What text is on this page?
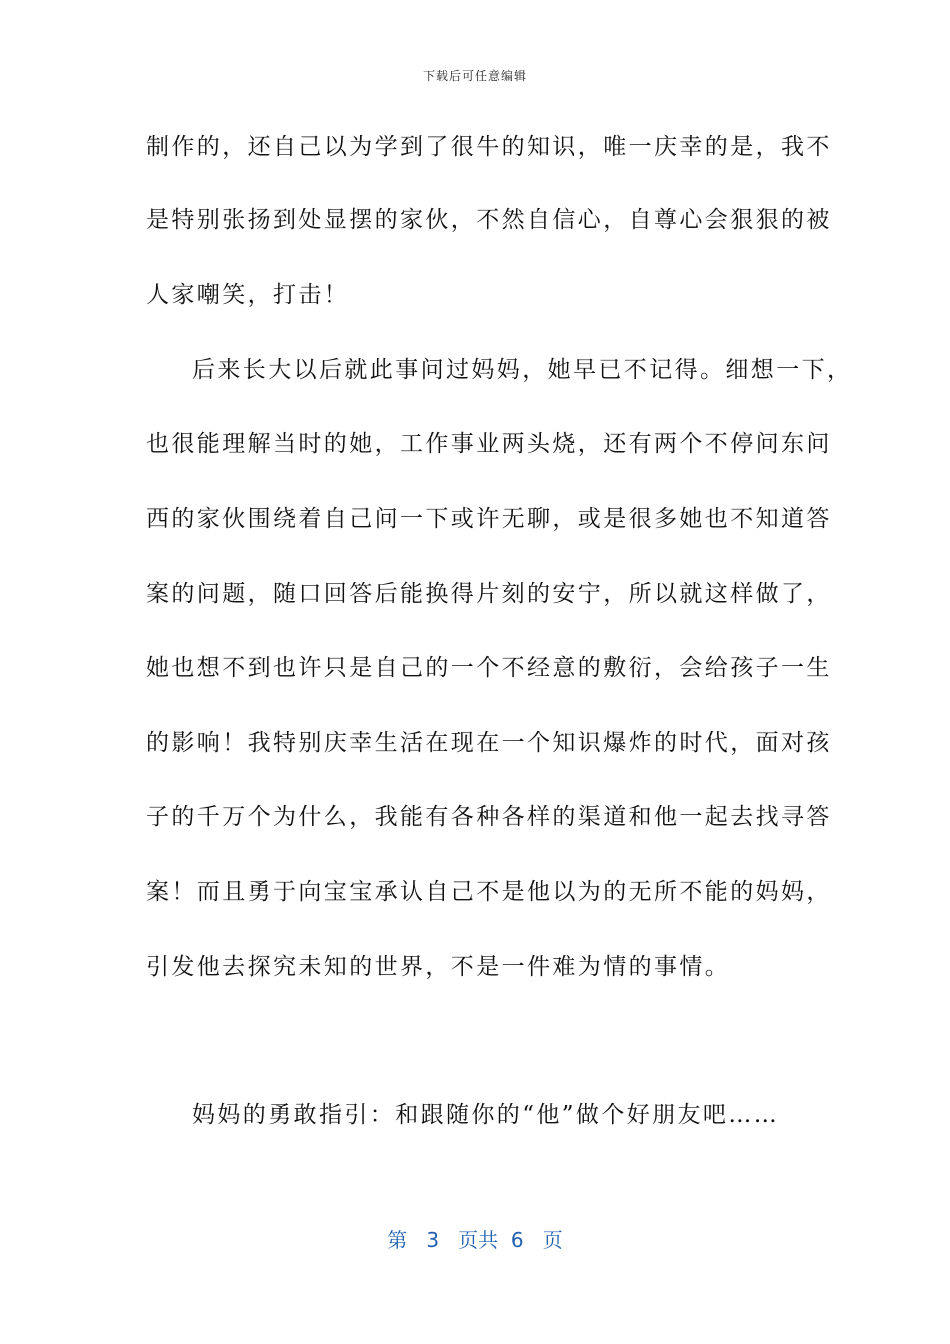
下载后可任意编辑
制作的，还自己以为学到了很牛的知识，唯一庆幸的是，我不
是特别张扬到处显摆的家伙，不然自信心，自尊心会狠狠的被
人家嘲笑，打击！
后来长大以后就此事问过妈妈，她早已不记得。细想一下，
也很能理解当时的她，工作事业两头烧，还有两个不停问东问
西的家伙围绕着自己问一下或许无聊，或是很多她也不知道答
案的问题，随口回答后能换得片刻的安宁，所以就这样做了，
她也想不到也许只是自己的一个不经意的敷衍，会给孩子一生
的影响！我特别庆幸生活在现在一个知识爆炸的时代，面对孩
子的千万个为什么，我能有各种各样的渠道和他一起去找寻答
案！而且勇于向宝宝承认自己不是他以为的无所不能的妈妈，
引发他去探究未知的世界，不是一件难为情的事情。
妈妈的勇敢指引：和跟随你的“他”做个好朋友吧……
第 3 页共 6 页
